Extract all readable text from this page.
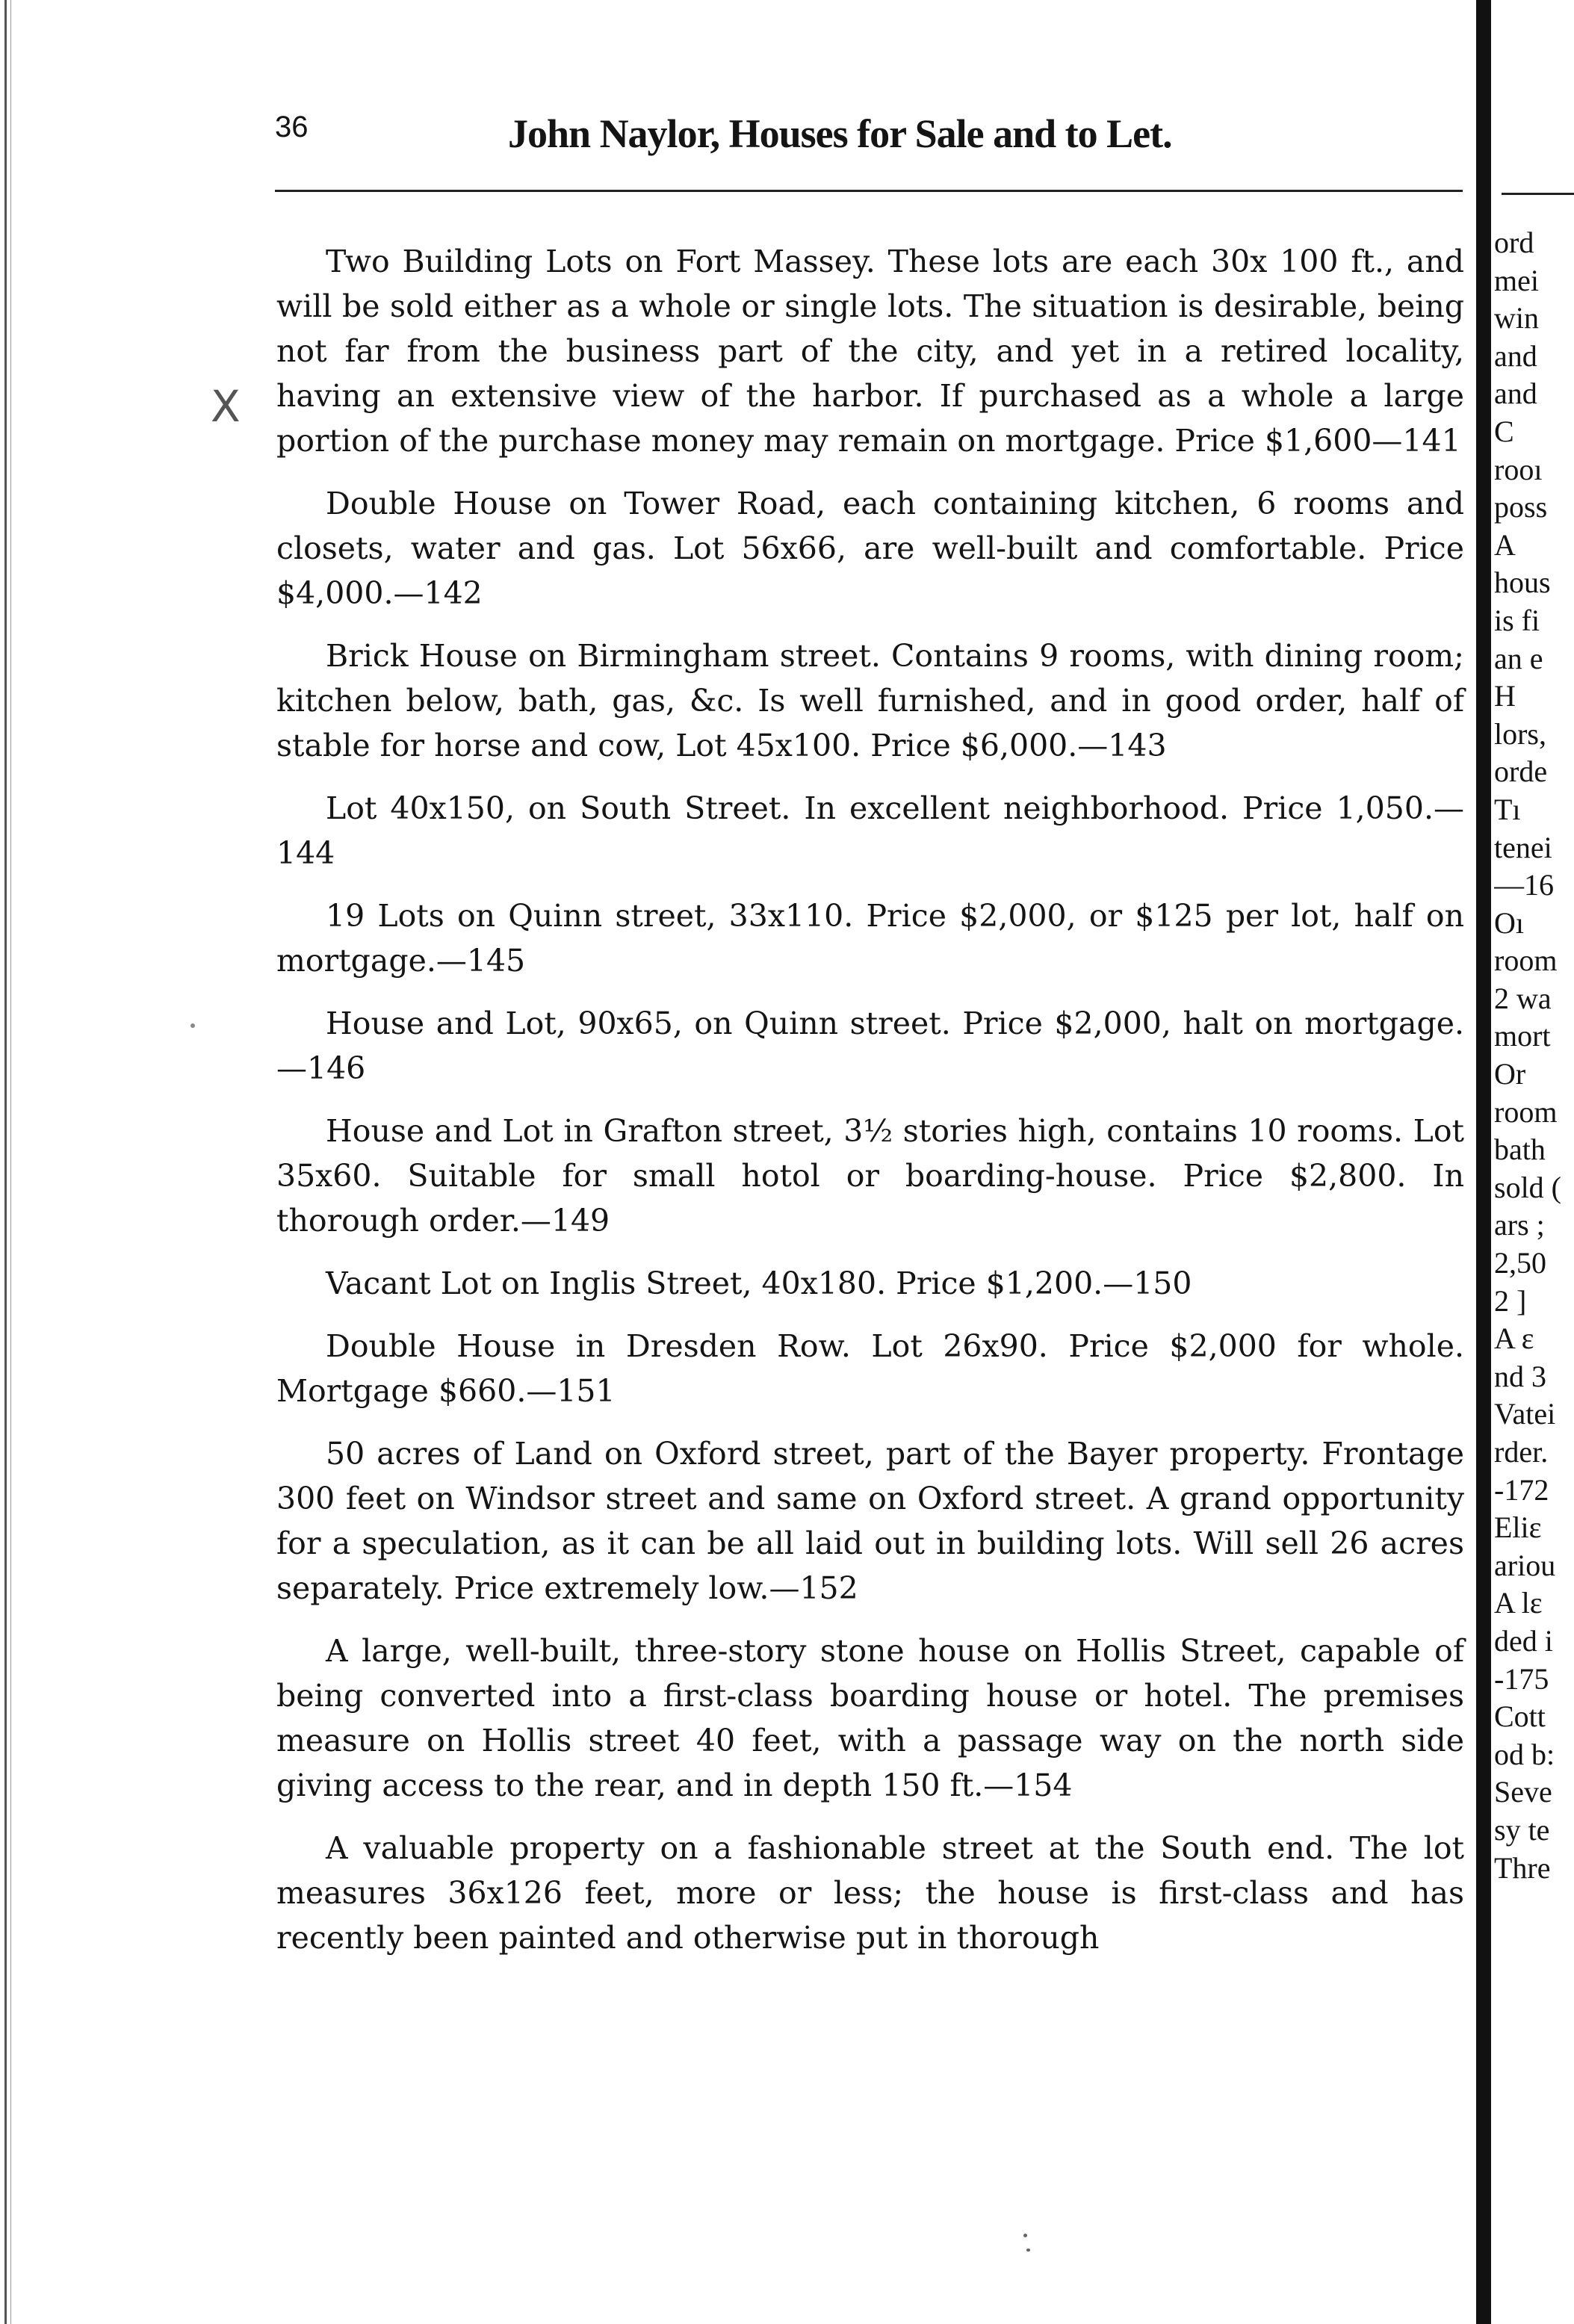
36	John Naylor, Houses for Sale and to Let.
X

Two Building Lots on Fort Massey. These lots are each 30x 100 ft., and will be sold either as a whole or single lots. The situation is desirable, being not far from the business part of the city, and yet in a retired locality, having an extensive view of the harbor. If purchased as a whole a large portion of the purchase money may remain on mortgage. Price $1,600—141

Double House on Tower Road, each containing kitchen, 6 rooms and closets, water and gas. Lot 56x66, are well-built and comfortable. Price $4,000.—142

Brick House on Birmingham street. Contains 9 rooms, with dining room; kitchen below, bath, gas, &c. Is well furnished, and in good order, half of stable for horse and cow, Lot 45x100. Price $6,000.—143

Lot 40x150, on South Street. In excellent neighborhood. Price 1,050.—144

19 Lots on Quinn street, 33x110. Price $2,000, or $125 per lot, half on mortgage.—145

House and Lot, 90x65, on Quinn street. Price $2,000, halt on mortgage.—146

House and Lot in Grafton street, 3½ stories high, contains 10 rooms. Lot 35x60. Suitable for small hotol or boarding-house. Price $2,800. In thorough order.—149

Vacant Lot on Inglis Street, 40x180. Price $1,200.—150

Double House in Dresden Row. Lot 26x90. Price $2,000 for whole. Mortgage $660.—151

50 acres of Land on Oxford street, part of the Bayer property. Frontage 300 feet on Windsor street and same on Oxford street. A grand opportunity for a speculation, as it can be all laid out in building lots. Will sell 26 acres separately. Price extremely low.—152

A large, well-built, three-story stone house on Hollis Street, capable of being converted into a first-class boarding house or hotel. The premises measure on Hollis street 40 feet, with a passage way on the north side giving access to the rear, and in depth 150 ft.—154

A valuable property on a fashionable street at the South end. The lot measures 36x126 feet, more or less; the house is first-class and has recently been painted and otherwise put in thorough

ord
mei
win
and
and
C
rooı
poss
A
hous
is fi
an e
H
lors,
orde
Tı
tenei
—16
Oı
room
2 wa
mort
Or
room
bath
sold (
ars ;
2,50
2 ]
A ε
nd 3
Vatei
rder.
-172
Eliε
ariou
A lε
ded i
-175
Cott
od b:
Seve
sy te
Thre
